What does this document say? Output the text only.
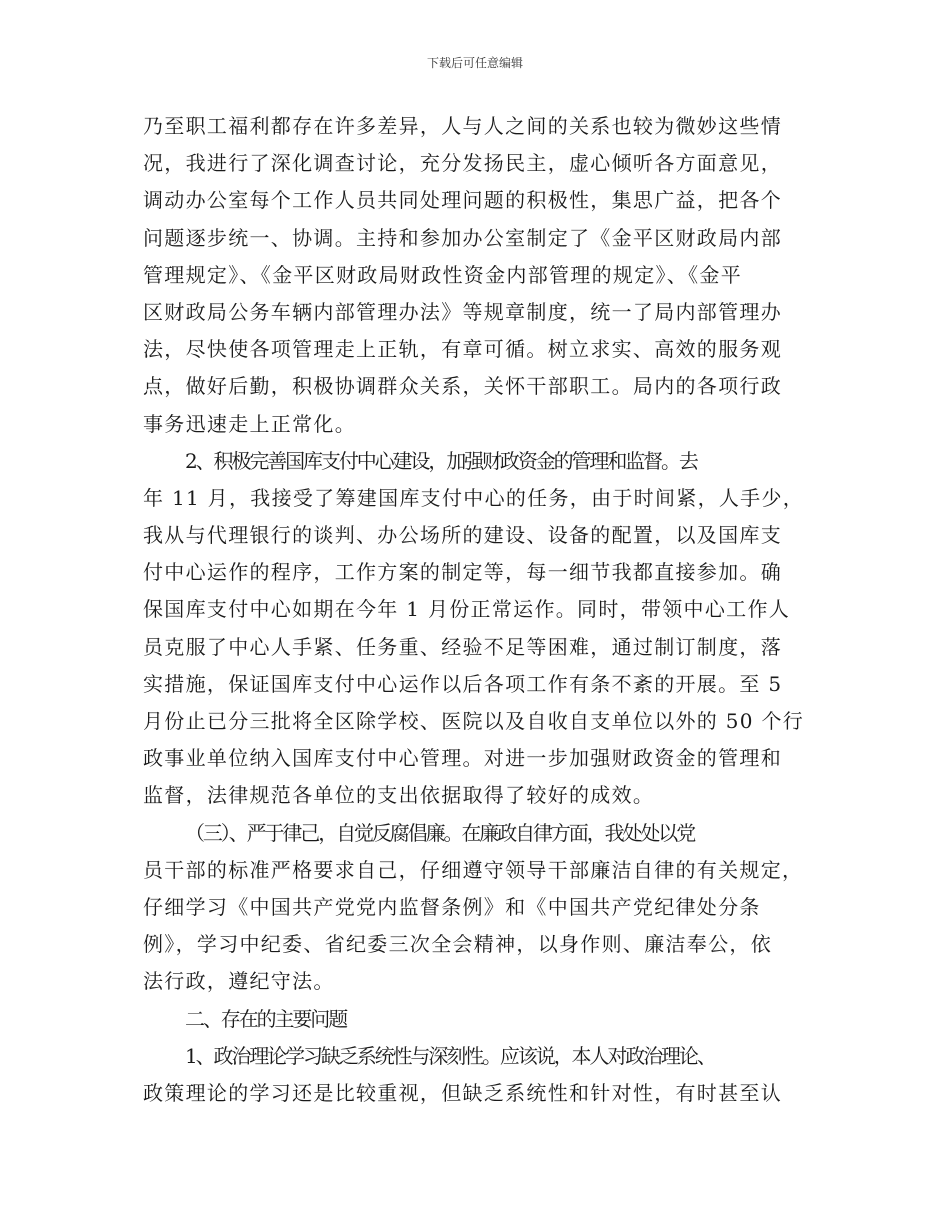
下载后可任意编辑
乃至职工福利都存在许多差异，人与人之间的关系也较为微妙这些情
况，我进行了深化调查讨论，充分发扬民主，虚心倾听各方面意见，
调动办公室每个工作人员共同处理问题的积极性，集思广益，把各个
问题逐步统一、协调。主持和参加办公室制定了《金平区财政局内部
管理规定》、《金平区财政局财政性资金内部管理的规定》、《金平
区财政局公务车辆内部管理办法》等规章制度，统一了局内部管理办
法，尽快使各项管理走上正轨，有章可循。树立求实、高效的服务观
点，做好后勤，积极协调群众关系，关怀干部职工。局内的各项行政
事务迅速走上正常化。
2、积极完善国库支付中心建设，加强财政资金的管理和监督。去
年 11 月，我接受了筹建国库支付中心的任务，由于时间紧，人手少，
我从与代理银行的谈判、办公场所的建设、设备的配置，以及国库支
付中心运作的程序，工作方案的制定等，每一细节我都直接参加。确
保国库支付中心如期在今年 1 月份正常运作。同时，带领中心工作人
员克服了中心人手紧、任务重、经验不足等困难，通过制订制度，落
实措施，保证国库支付中心运作以后各项工作有条不紊的开展。至 5
月份止已分三批将全区除学校、医院以及自收自支单位以外的 50 个行
政事业单位纳入国库支付中心管理。对进一步加强财政资金的管理和
监督，法律规范各单位的支出依据取得了较好的成效。
（三）、严于律己，自觉反腐倡廉。在廉政自律方面，我处处以党
员干部的标准严格要求自己，仔细遵守领导干部廉洁自律的有关规定，
仔细学习《中国共产党党内监督条例》和《中国共产党纪律处分条
例》，学习中纪委、省纪委三次全会精神，以身作则、廉洁奉公，依
法行政，遵纪守法。
二、存在的主要问题
1、政治理论学习缺乏系统性与深刻性。应该说，本人对政治理论、
政策理论的学习还是比较重视，但缺乏系统性和针对性，有时甚至认
